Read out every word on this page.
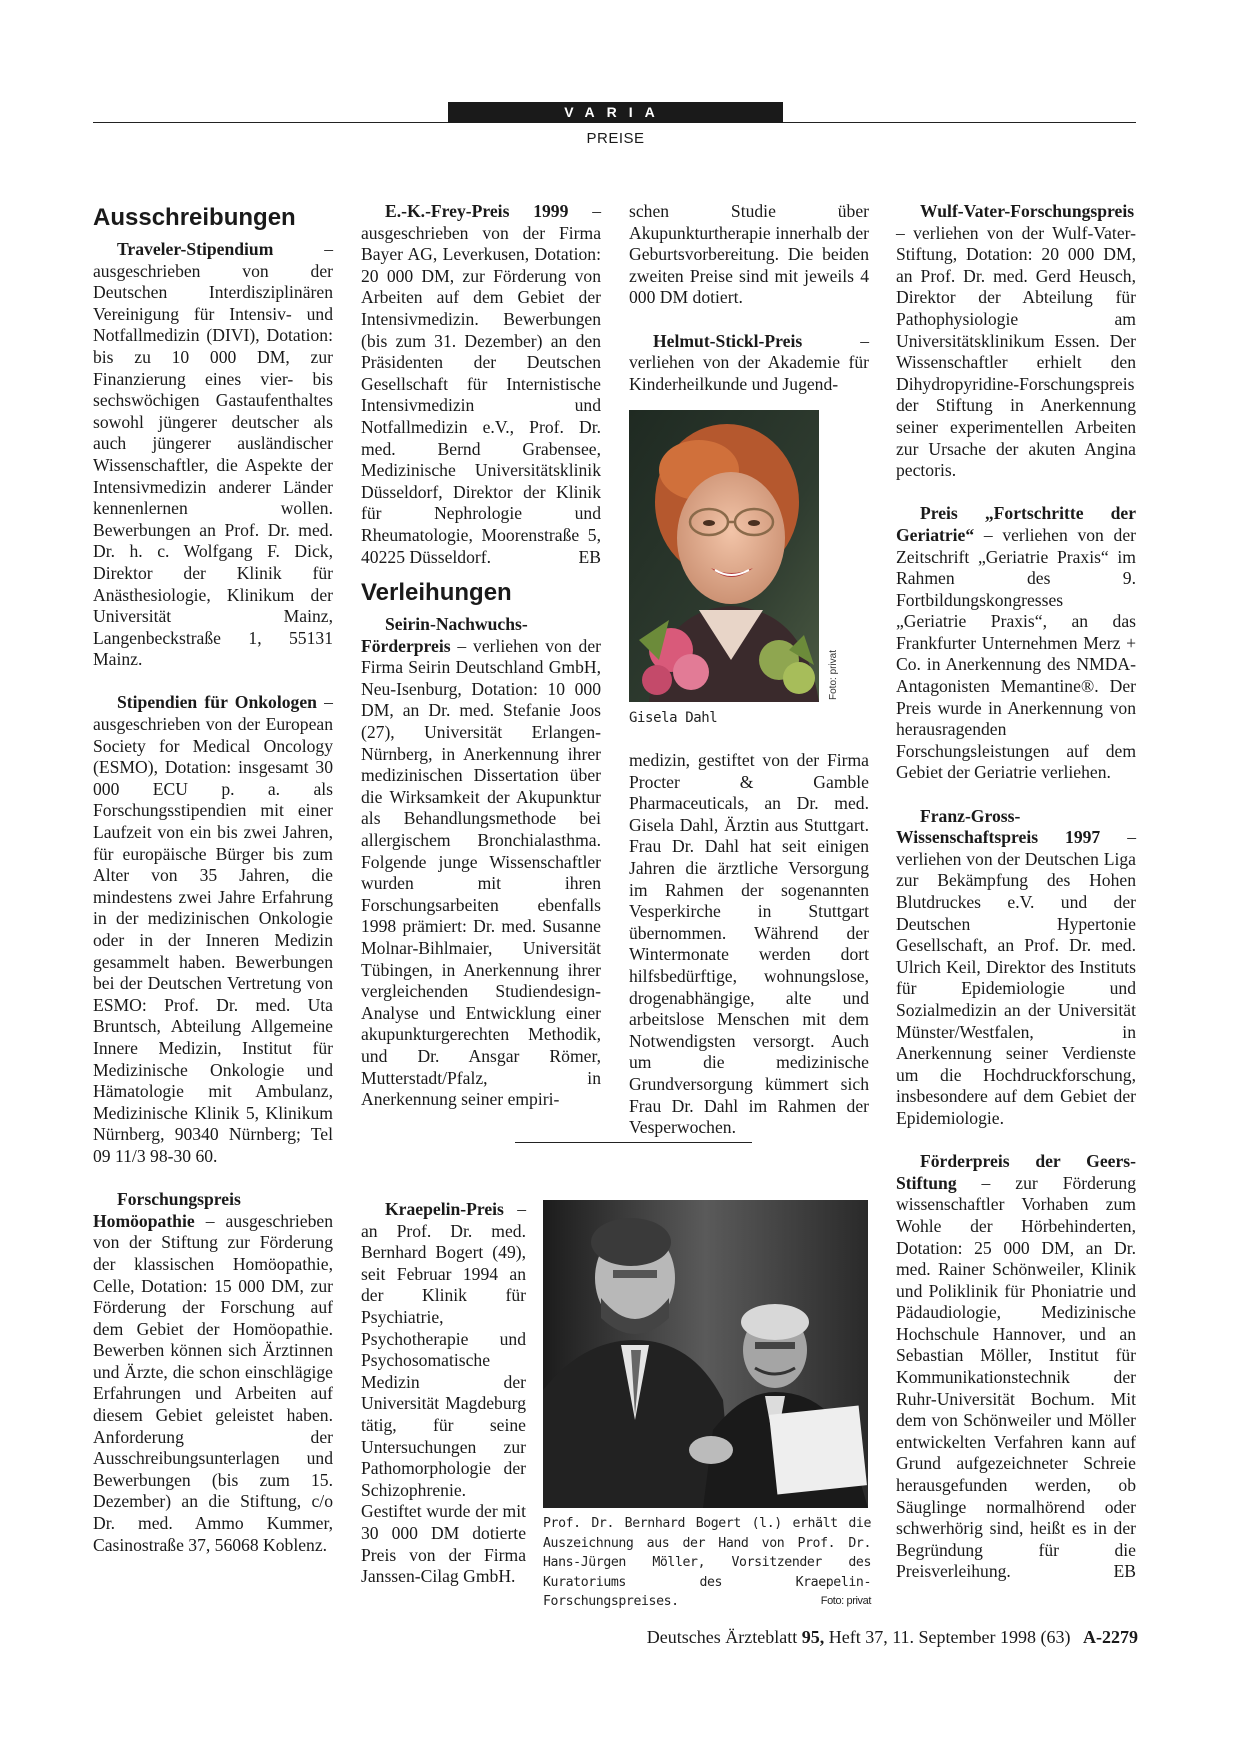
VARIA
PREISE
Ausschreibungen

Traveler-Stipendium – ausgeschrieben von der Deutschen Interdisziplinären Vereinigung für Intensiv- und Notfallmedizin (DIVI), Dotation: bis zu 10 000 DM, zur Finanzierung eines vier- bis sechswöchigen Gastaufenthaltes sowohl jüngerer deutscher als auch jüngerer ausländischer Wissenschaftler, die Aspekte der Intensivmedizin anderer Länder kennenlernen wollen. Bewerbungen an Prof. Dr. med. Dr. h. c. Wolfgang F. Dick, Direktor der Klinik für Anästhesiologie, Klinikum der Universität Mainz, Langenbeckstraße 1, 55131 Mainz.

Stipendien für Onkologen – ausgeschrieben von der European Society for Medical Oncology (ESMO), Dotation: insgesamt 30 000 ECU p. a. als Forschungsstipendien mit einer Laufzeit von ein bis zwei Jahren, für europäische Bürger bis zum Alter von 35 Jahren, die mindestens zwei Jahre Erfahrung in der medizinischen Onkologie oder in der Inneren Medizin gesammelt haben. Bewerbungen bei der Deutschen Vertretung von ESMO: Prof. Dr. med. Uta Bruntsch, Abteilung Allgemeine Innere Medizin, Institut für Medizinische Onkologie und Hämatologie mit Ambulanz, Medizinische Klinik 5, Klinikum Nürnberg, 90340 Nürnberg; Tel 09 11/3 98-30 60.

Forschungspreis Homöopathie – ausgeschrieben von der Stiftung zur Förderung der klassischen Homöopathie, Celle, Dotation: 15 000 DM, zur Förderung der Forschung auf dem Gebiet der Homöopathie. Bewerben können sich Ärztinnen und Ärzte, die schon einschlägige Erfahrungen und Arbeiten auf diesem Gebiet geleistet haben. Anforderung der Ausschreibungsunterlagen und Bewerbungen (bis zum 15. Dezember) an die Stiftung, c/o Dr. med. Ammo Kummer, Casinostraße 37, 56068 Koblenz.

E.-K.-Frey-Preis 1999 – ausgeschrieben von der Firma Bayer AG, Leverkusen, Dotation: 20 000 DM, zur Förderung von Arbeiten auf dem Gebiet der Intensivmedizin. Bewerbungen (bis zum 31. Dezember) an den Präsidenten der Deutschen Gesellschaft für Internistische Intensivmedizin und Notfallmedizin e.V., Prof. Dr. med. Bernd Grabensee, Medizinische Universitätsklinik Düsseldorf, Direktor der Klinik für Nephrologie und Rheumatologie, Moorenstraße 5, 40225 Düsseldorf.	EB

Verleihungen

Seirin-Nachwuchs-Förderpreis – verliehen von der Firma Seirin Deutschland GmbH, Neu-Isenburg, Dotation: 10 000 DM, an Dr. med. Stefanie Joos (27), Universität Erlangen-Nürnberg, in Anerkennung ihrer medizinischen Dissertation über die Wirksamkeit der Akupunktur als Behandlungsmethode bei allergischem Bronchialasthma. Folgende junge Wissenschaftler wurden mit ihren Forschungsarbeiten ebenfalls 1998 prämiert: Dr. med. Susanne Molnar-Bihlmaier, Universität Tübingen, in Anerkennung ihrer vergleichenden Studiendesign-Analyse und Entwicklung einer akupunkturgerechten Methodik, und Dr. Ansgar Römer, Mutterstadt/Pfalz, in Anerkennung seiner empiri-

Kraepelin-Preis – an Prof. Dr. med. Bernhard Bogert (49), seit Februar 1994 an der Klinik für Psychiatrie, Psychotherapie und Psychosomatische Medizin der Universität Magdeburg tätig, für seine Untersuchungen zur Pathomorphologie der Schizophrenie. Gestiftet wurde der mit 30 000 DM dotierte Preis von der Firma Janssen-Cilag GmbH.

schen Studie über Akupunkturtherapie innerhalb der Geburtsvorbereitung. Die beiden zweiten Preise sind mit jeweils 4 000 DM dotiert.

Helmut-Stickl-Preis – verliehen von der Akademie für Kinderheilkunde und Jugend-

Foto: privat
Gisela Dahl

medizin, gestiftet von der Firma Procter & Gamble Pharmaceuticals, an Dr. med. Gisela Dahl, Ärztin aus Stuttgart. Frau Dr. Dahl hat seit einigen Jahren die ärztliche Versorgung im Rahmen der sogenannten Vesperkirche in Stuttgart übernommen. Während der Wintermonate werden dort hilfsbedürftige, wohnungslose, drogenabhängige, alte und arbeitslose Menschen mit dem Notwendigsten versorgt. Auch um die medizinische Grundversorgung kümmert sich Frau Dr. Dahl im Rahmen der Vesperwochen.

Prof. Dr. Bernhard Bogert (l.) erhält die Auszeichnung aus der Hand von Prof. Dr. Hans-Jürgen Möller, Vorsitzender des Kuratoriums des Kraepelin-Forschungspreises.	Foto: privat

Wulf-Vater-Forschungspreis – verliehen von der Wulf-Vater-Stiftung, Dotation: 20 000 DM, an Prof. Dr. med. Gerd Heusch, Direktor der Abteilung für Pathophysiologie am Universitätsklinikum Essen. Der Wissenschaftler erhielt den Dihydropyridine-Forschungspreis der Stiftung in Anerkennung seiner experimentellen Arbeiten zur Ursache der akuten Angina pectoris.

Preis „Fortschritte der Geriatrie“ – verliehen von der Zeitschrift „Geriatrie Praxis“ im Rahmen des 9. Fortbildungskongresses „Geriatrie Praxis“, an das Frankfurter Unternehmen Merz + Co. in Anerkennung des NMDA-Antagonisten Memantine®. Der Preis wurde in Anerkennung von herausragenden Forschungsleistungen auf dem Gebiet der Geriatrie verliehen.

Franz-Gross-Wissenschaftspreis 1997 – verliehen von der Deutschen Liga zur Bekämpfung des Hohen Blutdruckes e.V. und der Deutschen Hypertonie Gesellschaft, an Prof. Dr. med. Ulrich Keil, Direktor des Instituts für Epidemiologie und Sozialmedizin an der Universität Münster/Westfalen, in Anerkennung seiner Verdienste um die Hochdruckforschung, insbesondere auf dem Gebiet der Epidemiologie.

Förderpreis der Geers-Stiftung – zur Förderung wissenschaftler Vorhaben zum Wohle der Hörbehinderten, Dotation: 25 000 DM, an Dr. med. Rainer Schönweiler, Klinik und Poliklinik für Phoniatrie und Pädaudiologie, Medizinische Hochschule Hannover, und an Sebastian Möller, Institut für Kommunikationstechnik der Ruhr-Universität Bochum. Mit dem von Schönweiler und Möller entwickelten Verfahren kann auf Grund aufgezeichneter Schreie herausgefunden werden, ob Säuglinge normalhörend oder schwerhörig sind, heißt es in der Begründung für die Preisverleihung.	EB

Deutsches Ärzteblatt 95, Heft 37, 11. September 1998 (63) A-2279
